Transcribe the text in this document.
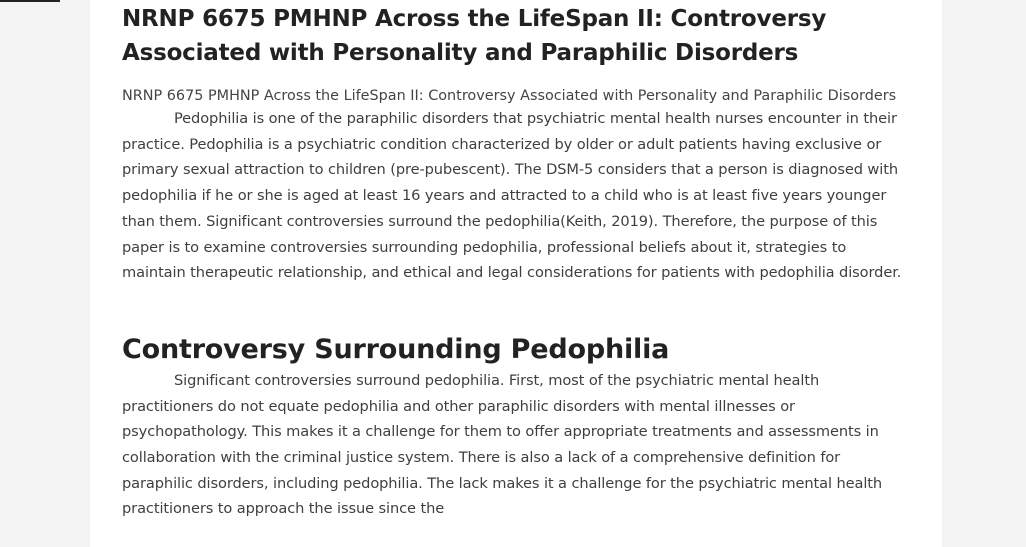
NRNP 6675 PMHNP Across the LifeSpan II: Controversy Associated with Personality and Paraphilic Disorders
NRNP 6675 PMHNP Across the LifeSpan II: Controversy Associated with Personality and Paraphilic Disorders

Pedophilia is one of the paraphilic disorders that psychiatric mental health nurses encounter in their practice. Pedophilia is a psychiatric condition characterized by older or adult patients having exclusive or primary sexual attraction to children (pre-pubescent). The DSM-5 considers that a person is diagnosed with pedophilia if he or she is aged at least 16 years and attracted to a child who is at least five years younger than them. Significant controversies surround the pedophilia(Keith, 2019). Therefore, the purpose of this paper is to examine controversies surrounding pedophilia, professional beliefs about it, strategies to maintain therapeutic relationship, and ethical and legal considerations for patients with pedophilia disorder.

Controversy Surrounding Pedophilia

Significant controversies surround pedophilia. First, most of the psychiatric mental health practitioners do not equate pedophilia and other paraphilic disorders with mental illnesses or psychopathology. This makes it a challenge for them to offer appropriate treatments and assessments in collaboration with the criminal justice system. There is also a lack of a comprehensive definition for paraphilic disorders, including pedophilia. The lack makes it a challenge for the psychiatric mental health practitioners to approach the issue since the
